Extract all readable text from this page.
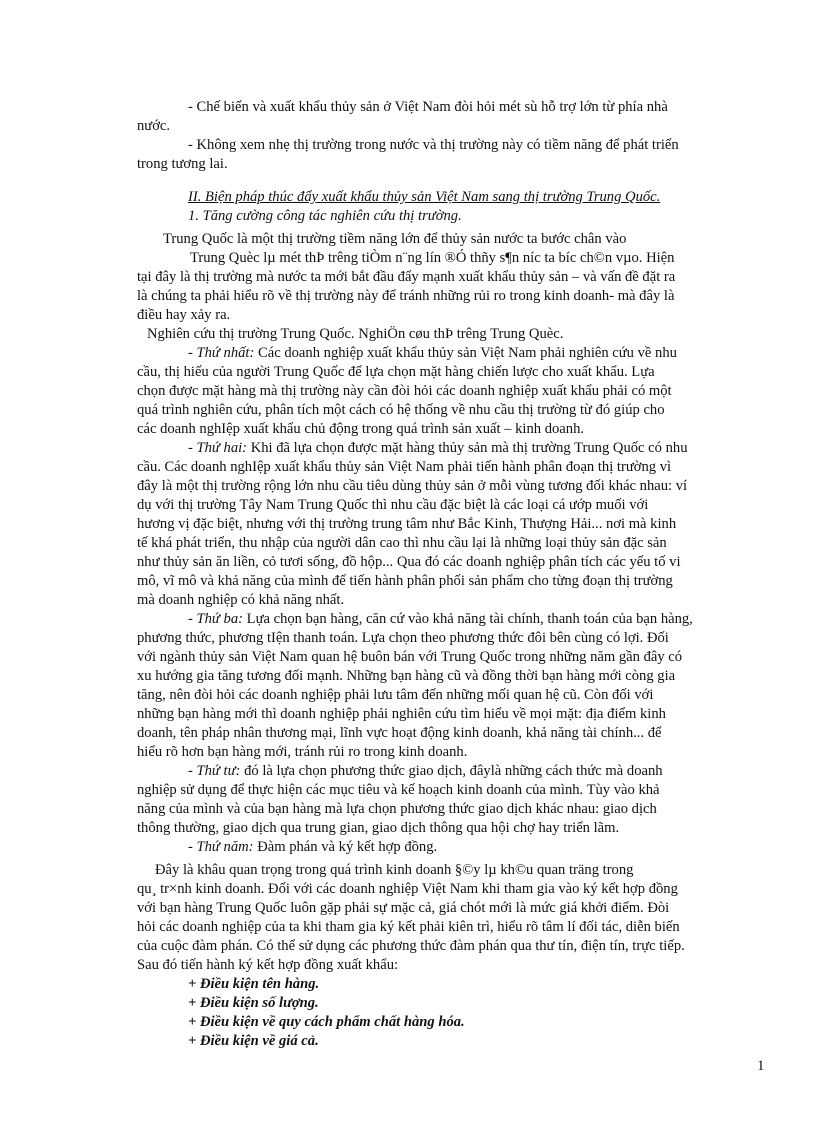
- Chế biến và xuất khẩu thủy sản ở Việt Nam đòi hỏi mét sù hỗ trợ lớn từ phía nhà
nước.
- Không xem nhẹ thị trường trong nước và thị trường này có tiềm năng để phát triển
trong tương lai.
II. Biện pháp thúc đẩy xuất khẩu thủy sản Việt Nam sang thị trường Trung Quốc.
1. Tăng cường công tác nghiên cứu thị trường.
Trung Quốc là một thị trường tiềm năng lớn để thủy sản nước ta bước chân vào
Trung Quèc lµ mét thÞ trêng tiÒm n¨ng lín ®Ó thñy s¶n níc ta bíc ch©n vµo. Hiện
tại đây là thị trường mà nước ta mới bắt đầu đẩy mạnh xuất khẩu thủy sản – và vấn đề đặt ra
là chúng ta phải hiểu rõ về thị trường này để tránh những rủi ro trong kinh doanh- mà đây là
điều hay xảy ra.
Nghiên cứu thị trường Trung Quốc. NghiÖn cøu thÞ trêng Trung Quèc.
- Thứ nhất: Các doanh nghiệp xuất khẩu thủy sản Việt Nam phải nghiên cứu về nhu
cầu, thị hiếu của người Trung Quốc để lựa chọn mặt hàng chiến lược cho xuất khẩu. Lựa
chọn được mặt hàng mà thị trường này cần đòi hỏi các doanh nghiệp xuất khẩu phải có một
quá trình nghiên cứu, phân tích một cách có hệ thống về nhu cầu thị trường từ đó giúp cho
các doanh nghIệp xuất khẩu chủ động trong quá trình sản xuất – kinh doanh.
- Thứ hai: Khi đã lựa chọn được mặt hàng thủy sản mà thị trường Trung Quốc có nhu
cầu. Các doanh nghIệp xuất khẩu thủy sản Việt Nam phải tiến hành phân đoạn thị trường vì
đây là một thị trường rộng lớn nhu cầu tiêu dùng thủy sản ở mỗi vùng tương đối khác nhau: ví
dụ với thị trường Tây Nam Trung Quốc thì nhu cầu đặc biệt là các loại cá ướp muối với
hương vị đặc biệt, nhưng với thị trường trung tâm như Bắc Kinh, Thượng Hải... nơi mà kinh
tế khá phát triển, thu nhập của người dân cao thì nhu cầu lại là những loại thủy sản đặc sản
như thủy sản ăn liền, cỏ tươi sống, đồ hộp... Qua đó các doanh nghiệp phân tích các yếu tố vi
mô, vĩ mô và khả năng của mình để tiến hành phân phối sản phẩm cho từng đoạn thị trường
mà doanh nghiệp có khả năng nhất.
- Thứ ba: Lựa chọn bạn hàng, căn cứ vào khả năng tài chính, thanh toán của bạn hàng,
phương thức, phương tIện thanh toán. Lựa chọn theo phương thức đôi bên cùng có lợi. Đối
với ngành thủy sản Việt Nam quan hệ buôn bán với Trung Quốc trong những năm gần đây có
xu hướng gia tăng tương đối mạnh. Những bạn hàng cũ và đồng thời bạn hàng mới còng gia
tăng, nên đòi hỏi các doanh nghiệp phải lưu tâm đến những mối quan hệ cũ. Còn đối với
những bạn hàng mới thì doanh nghiệp phải nghiên cứu tìm hiểu về mọi mặt: địa điểm kinh
doanh, tên pháp nhân thương mại, lĩnh vực hoạt động kinh doanh, khả năng tài chính... để
hiểu rõ hơn bạn hàng mới, tránh rủi ro trong kinh doanh.
- Thứ tư: đó là lựa chọn phương thức giao dịch, đâylà những cách thức mà doanh
nghiệp sử dụng để thực hiện các mục tiêu và kế hoạch kinh doanh của mình. Tùy vào khả
năng của mình và của bạn hàng mà lựa chọn phương thức giao dịch khác nhau: giao dịch
thông thường, giao dịch qua trung gian, giao dịch thông qua hội chợ hay triển lãm.
- Thứ năm: Đàm phán và ký kết hợp đồng.
Đây là khâu quan trọng trong quá trình kinh doanh §©y lµ kh©u quan träng trong
qu¸ tr×nh kinh doanh. Đối với các doanh nghiệp Việt Nam khi tham gia vào ký kết hợp đồng
với bạn hàng Trung Quốc luôn gặp phải sự mặc cả, giá chót mới là mức giá khởi điểm. Đòi
hỏi các doanh nghiệp của ta khi tham gia ký kết phải kiên trì, hiểu rõ tâm lí đối tác, diễn biến
của cuộc đàm phán. Có thể sử dụng các phương thức đàm phán qua thư tín, điện tín, trực tiếp.
Sau đó tiến hành ký kết hợp đồng xuất khẩu:
+ Điều kiện tên hàng.
+ Điều kiện số lượng.
+ Điều kiện về quy cách phẩm chất hàng hóa.
+ Điều kiện về giá cả.
1
